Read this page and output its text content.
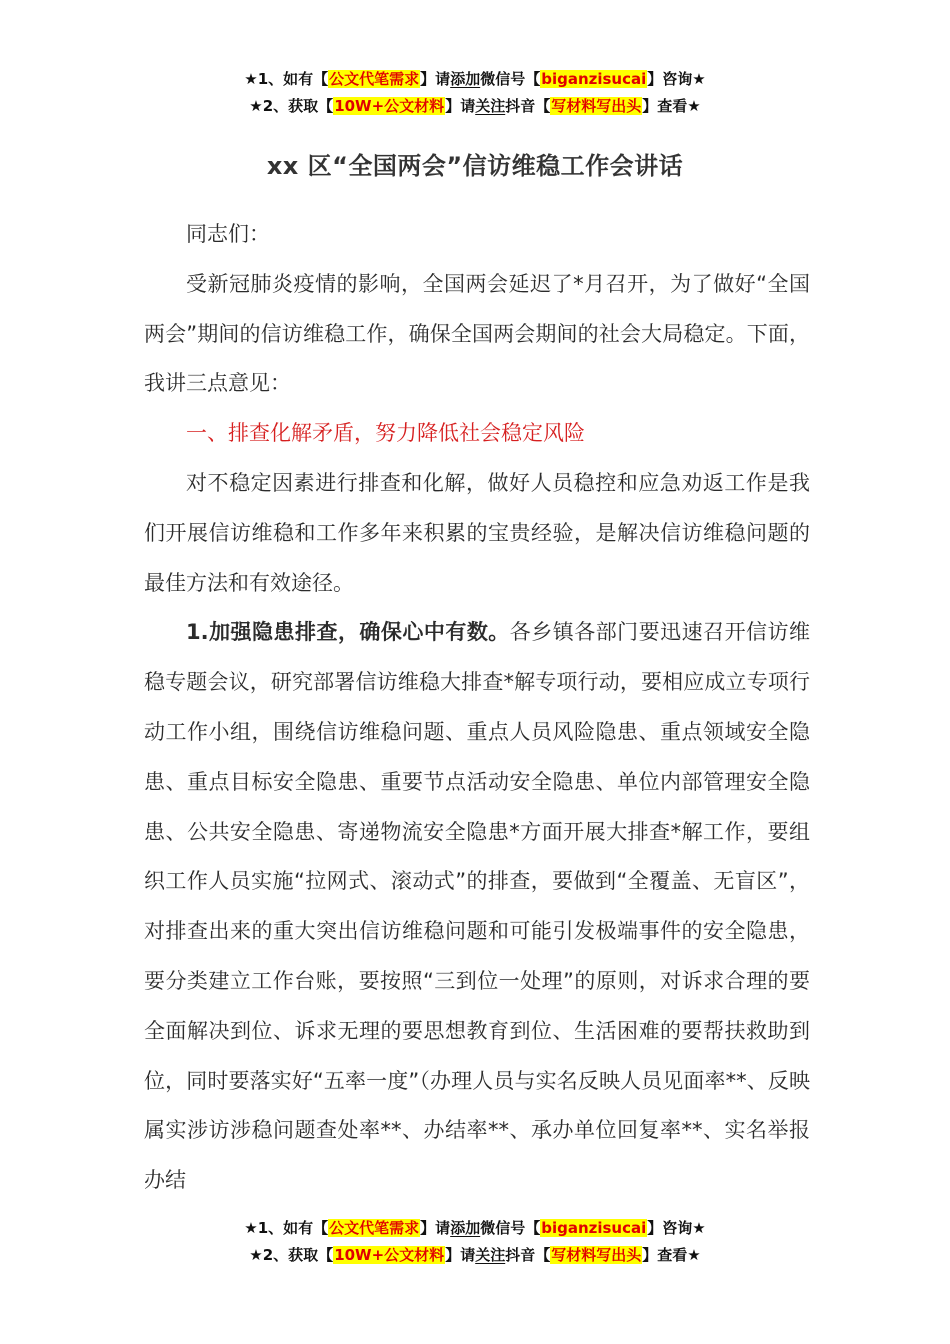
★1、如有【公文代笔需求】请添加微信号【biganzisucai】咨询★
★2、获取【10W+公文材料】请关注抖音【写材料写出头】查看★
xx 区“全国两会”信访维稳工作会讲话

同志们：

受新冠肺炎疫情的影响，全国两会延迟了*月召开，为了做好“全国两会”期间的信访维稳工作，确保全国两会期间的社会大局稳定。下面，我讲三点意见：

一、排查化解矛盾，努力降低社会稳定风险

对不稳定因素进行排查和化解，做好人员稳控和应急劝返工作是我们开展信访维稳和工作多年来积累的宝贵经验，是解决信访维稳问题的最佳方法和有效途径。

1.加强隐患排查，确保心中有数。各乡镇各部门要迅速召开信访维稳专题会议，研究部署信访维稳大排查*解专项行动，要相应成立专项行动工作小组，围绕信访维稳问题、重点人员风险隐患、重点领域安全隐患、重点目标安全隐患、重要节点活动安全隐患、单位内部管理安全隐患、公共安全隐患、寄递物流安全隐患*方面开展大排查*解工作，要组织工作人员实施“拉网式、滚动式”的排查，要做到“全覆盖、无盲区”，对排查出来的重大突出信访维稳问题和可能引发极端事件的安全隐患，要分类建立工作台账，要按照“三到位一处理”的原则，对诉求合理的要全面解决到位、诉求无理的要思想教育到位、生活困难的要帮扶救助到位，同时要落实好“五率一度”（办理人员与实名反映人员见面率**、反映属实涉访涉稳问题查处率**、办结率**、承办单位回复率**、实名举报办结

★1、如有【公文代笔需求】请添加微信号【biganzisucai】咨询★
★2、获取【10W+公文材料】请关注抖音【写材料写出头】查看★
